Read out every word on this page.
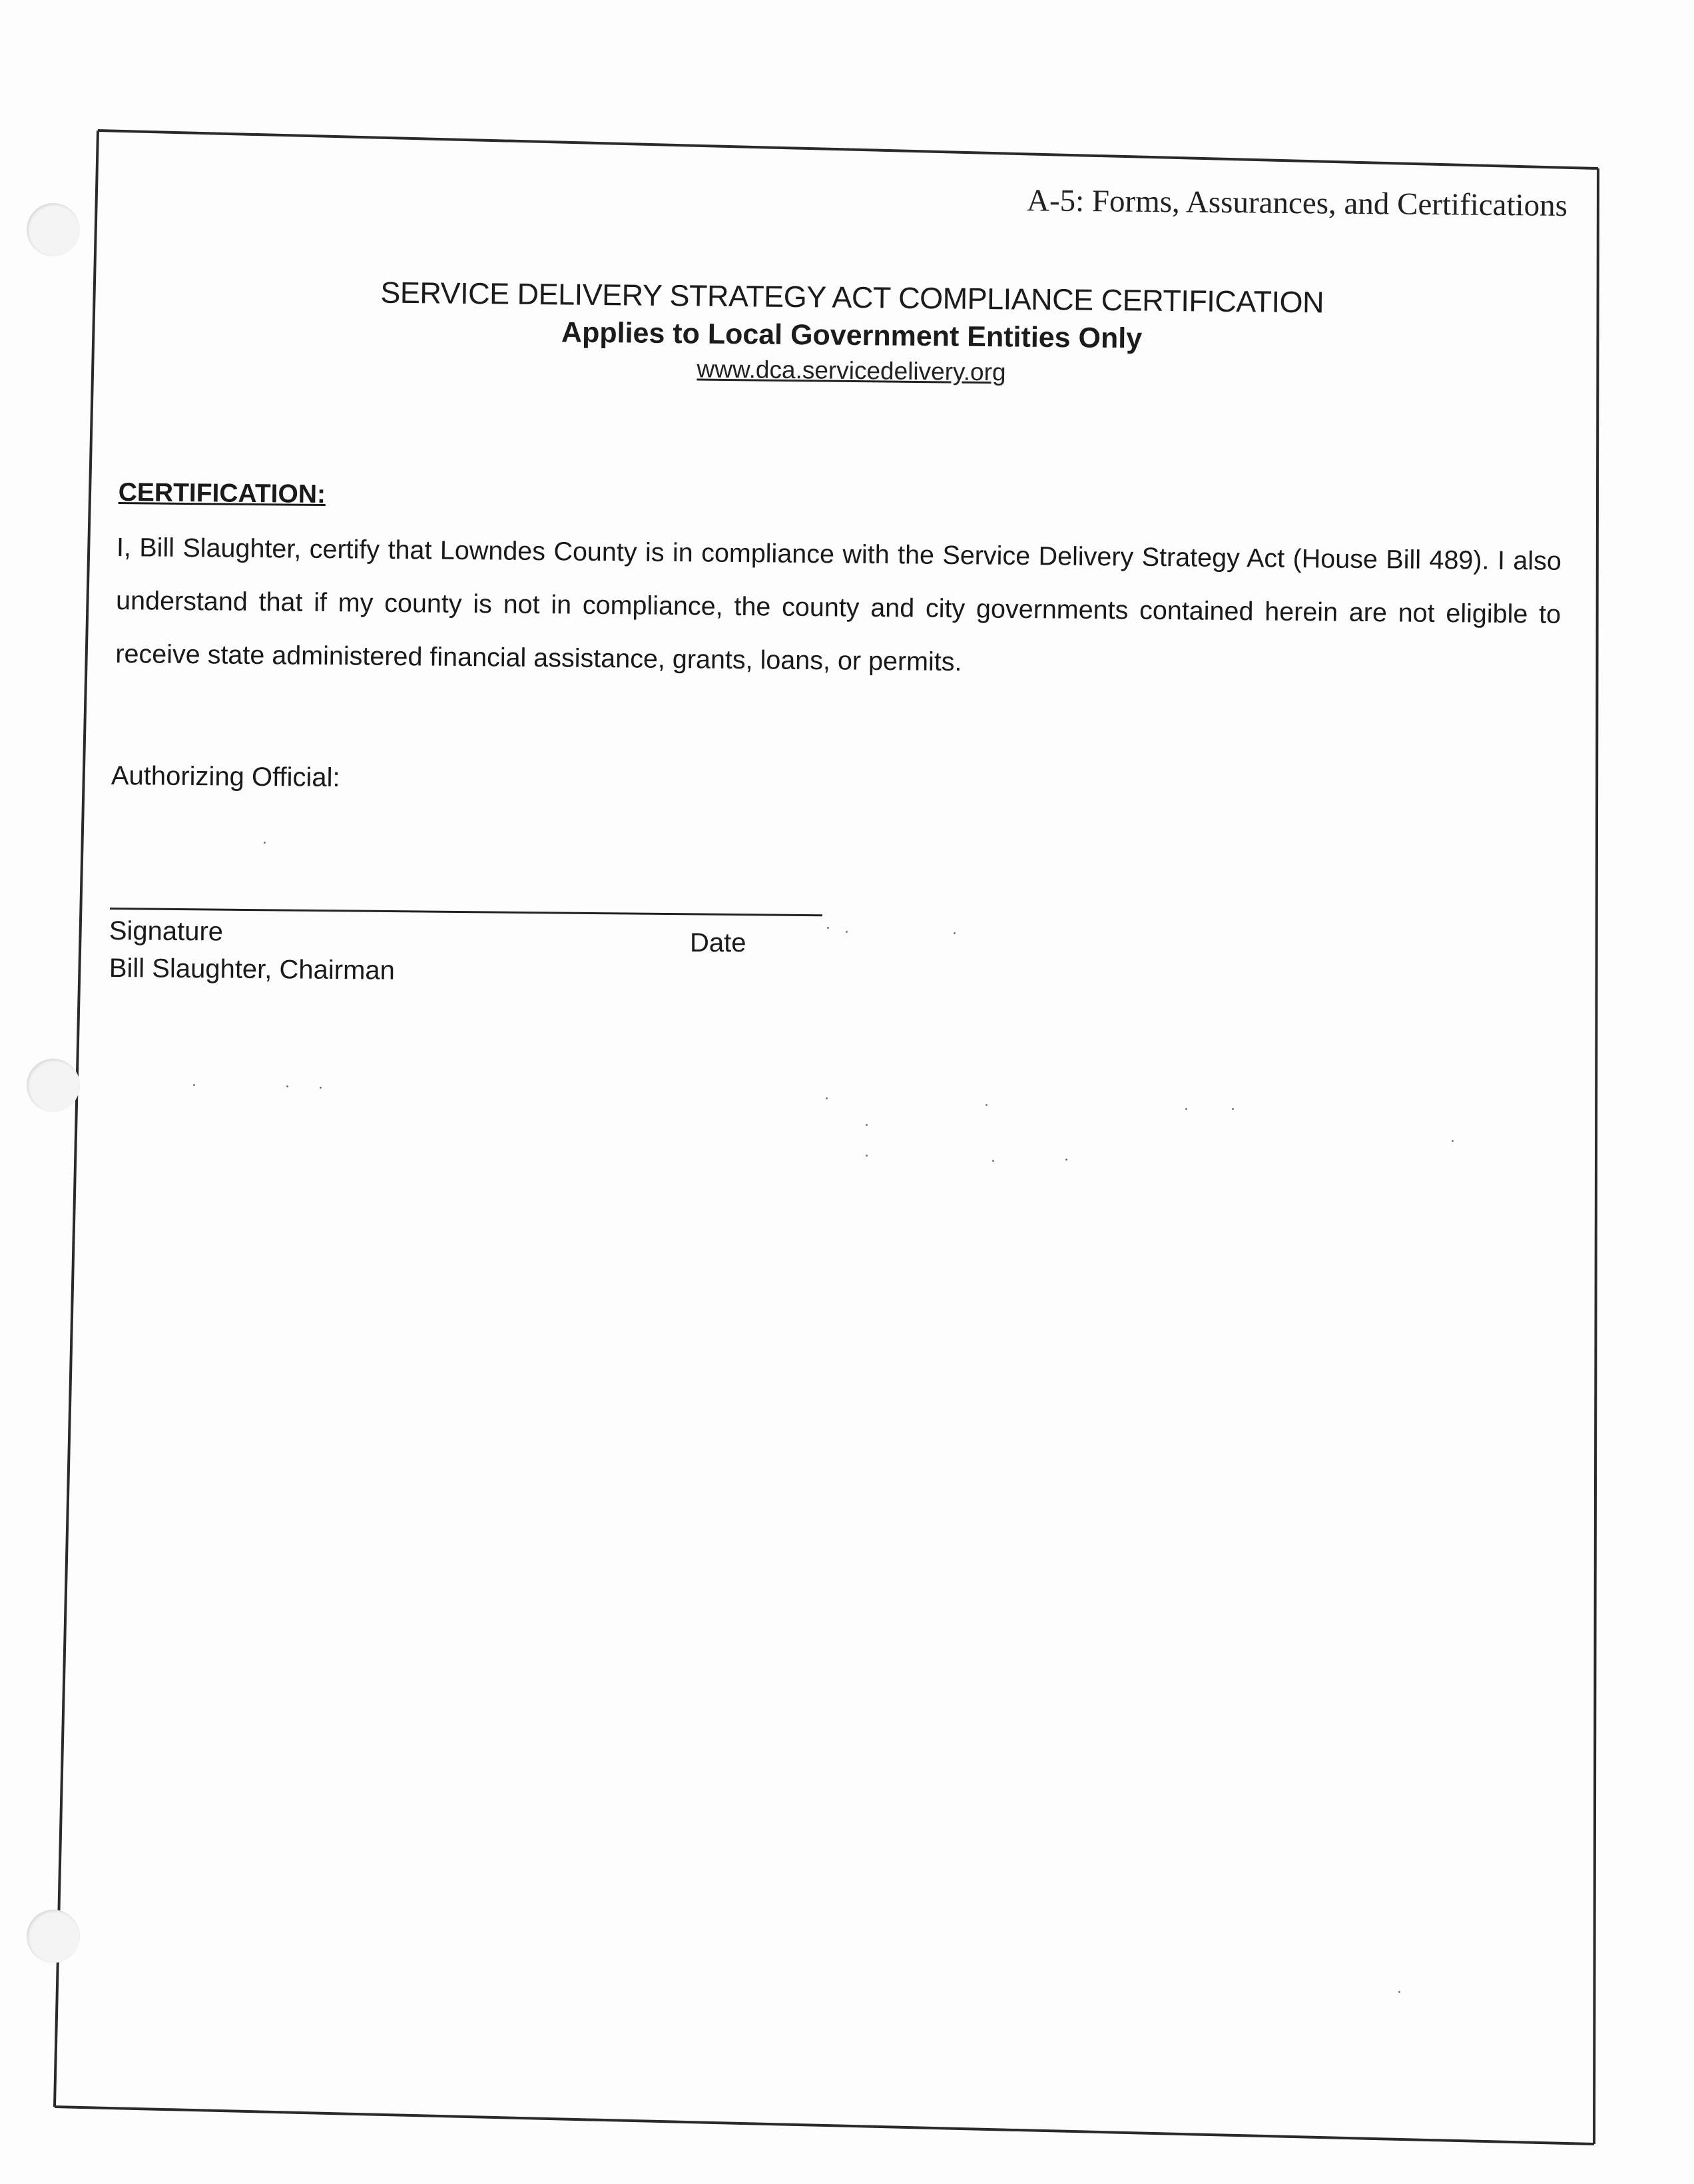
A-5: Forms, Assurances, and Certifications

SERVICE DELIVERY STRATEGY ACT COMPLIANCE CERTIFICATION

Applies to Local Government Entities Only

www.dca.servicedelivery.org

CERTIFICATION:

I, Bill Slaughter, certify that Lowndes County is in compliance with the Service Delivery Strategy Act (House Bill 489). I also understand that if my county is not in compliance, the county and city governments contained herein are not eligible to receive state administered financial assistance, grants, loans, or permits.

Authorizing Official:
Signature	Date
Bill Slaughter, Chairman
